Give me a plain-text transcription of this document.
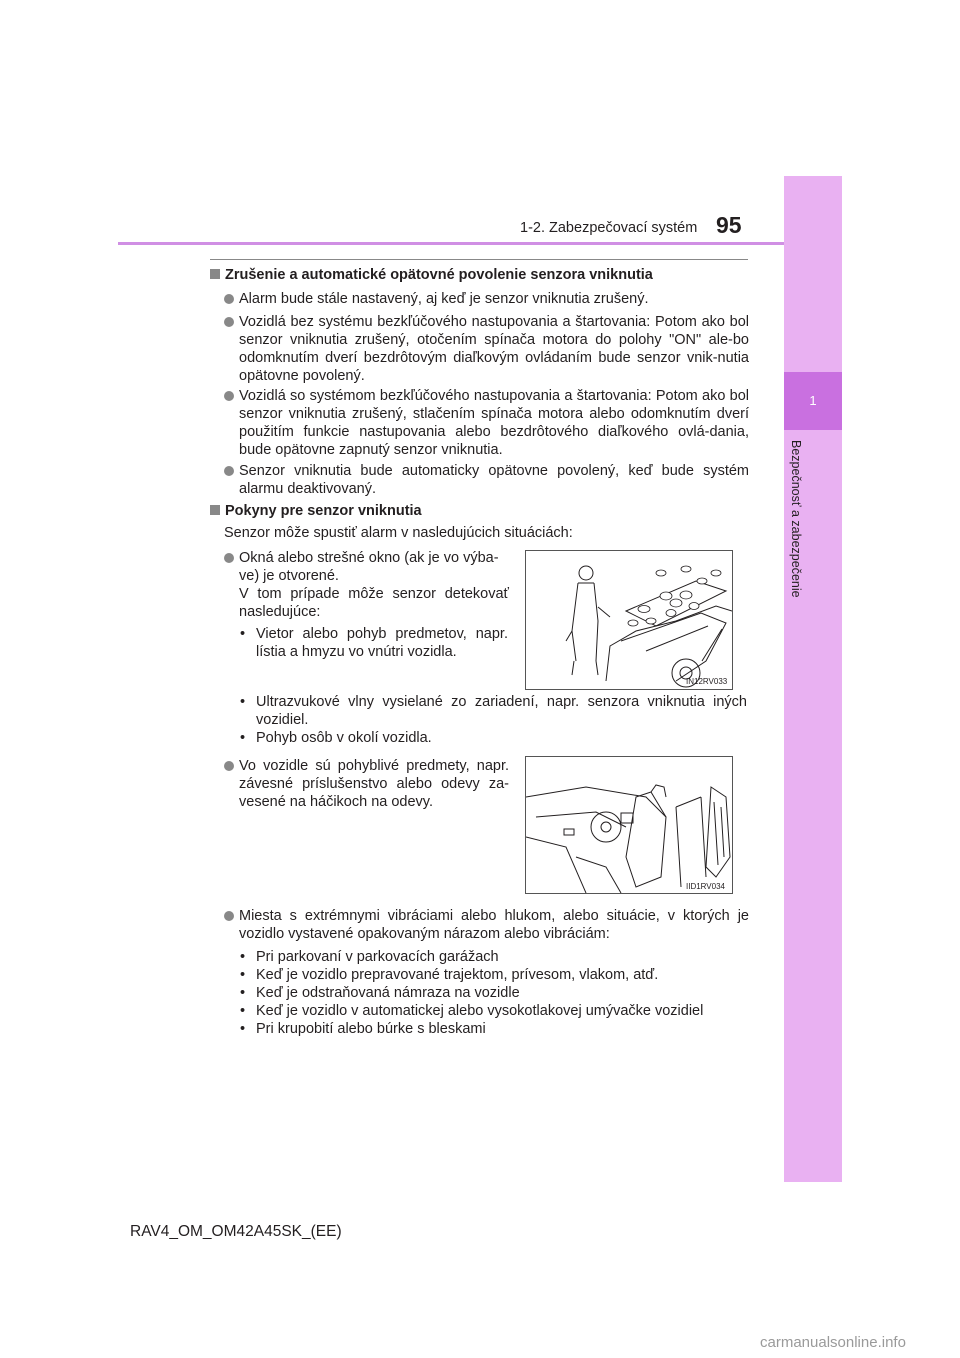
1
Bezpečnosť a zabezpečenie
1-2. Zabezpečovací systém 95
Zrušenie a automatické opätovné povolenie senzora vniknutia
Alarm bude stále nastavený, aj keď je senzor vniknutia zrušený.
Vozidlá bez systému bezkľúčového nastupovania a štartovania: Potom ako bol senzor vniknutia zrušený, otočením spínača motora do polohy "ON" ale-bo odomknutím dverí bezdrôtovým diaľkovým ovládaním bude senzor vnik-nutia opätovne povolený.
Vozidlá so systémom bezkľúčového nastupovania a štartovania: Potom ako bol senzor vniknutia zrušený, stlačením spínača motora alebo odomknutím dverí použitím funkcie nastupovania alebo bezdrôtového diaľkového ovlá-dania, bude opätovne zapnutý senzor vniknutia.
Senzor vniknutia bude automaticky opätovne povolený, keď bude systém alarmu deaktivovaný.
Pokyny pre senzor vniknutia
Senzor môže spustiť alarm v nasledujúcich situáciách:
Okná alebo strešné okno (ak je vo výba-
ve) je otvorené.
V tom prípade môže senzor detekovať nasledujúce:
• Vietor alebo pohyb predmetov, napr. lístia a hmyzu vo vnútri vozidla.
IN12RV033
• Ultrazvukové vlny vysielané zo zariadení, napr. senzora vniknutia iných vozidiel.
• Pohyb osôb v okolí vozidla.
Vo vozidle sú pohyblivé predmety, napr. závesné príslušenstvo alebo odevy za-vesené na háčikoch na odevy.
IID1RV034
Miesta s extrémnymi vibráciami alebo hlukom, alebo situácie, v ktorých je vozidlo vystavené opakovaným nárazom alebo vibráciám:
• Pri parkovaní v parkovacích garážach
• Keď je vozidlo prepravované trajektom, prívesom, vlakom, atď.
• Keď je odstraňovaná námraza na vozidle
• Keď je vozidlo v automatickej alebo vysokotlakovej umývačke vozidiel
• Pri krupobití alebo búrke s bleskami
RAV4_OM_OM42A45SK_(EE)
carmanualsonline.info
